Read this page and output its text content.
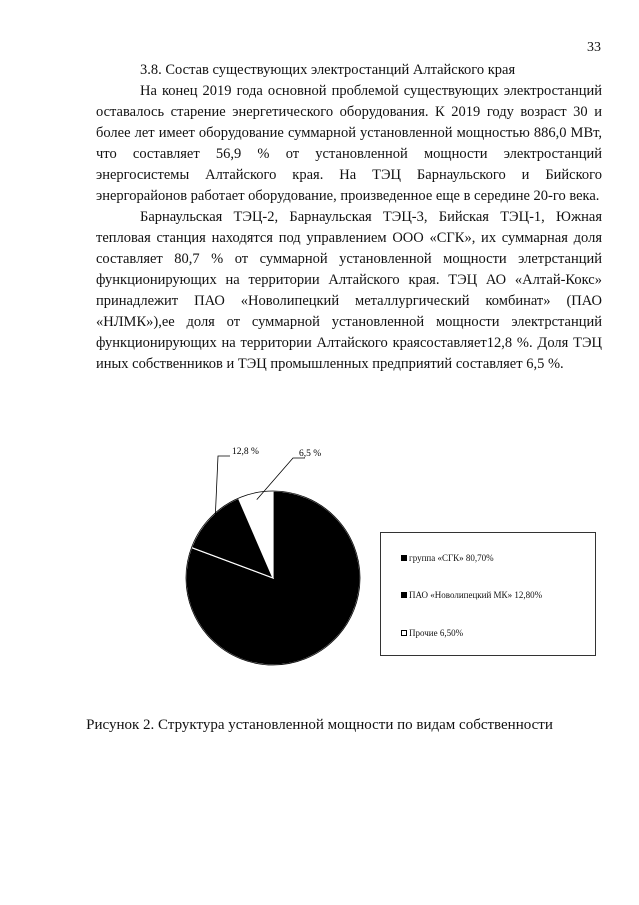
33

3.8. Состав существующих электростанций Алтайского края

На конец 2019 года основной проблемой существующих электростанций оставалось старение энергетического оборудования. К 2019 году возраст 30 и более лет имеет оборудование суммарной установленной мощностью 886,0 МВт, что составляет 56,9 % от установленной мощности электростанций энергосистемы Алтайского края. На ТЭЦ Барнаульского и Бийского энергорайонов работает оборудование, произведенное еще в середине 20-го века.

Барнаульская ТЭЦ-2, Барнаульская ТЭЦ-3, Бийская ТЭЦ-1, Южная тепловая станция находятся под управлением ООО «СГК», их суммарная доля составляет 80,7 % от суммарной установленной мощности элетрстанций функционирующих на территории Алтайского края. ТЭЦ АО «Алтай-Кокс» принадлежит ПАО «Новолипецкий металлургический комбинат» (ПАО «НЛМК»),ее доля от суммарной установленной мощности электрстанций функционирующих на территории Алтайского краясоставляет12,8 %. Доля ТЭЦ иных собственников и ТЭЦ промышленных предприятий составляет 6,5 %.

12,8 %	6,5 %
группа «СГК» 80,70%
ПАО «Новолипецкий МК» 12,80%
Прочие 6,50%
Рисунок 2. Структура установленной мощности по видам собственности
